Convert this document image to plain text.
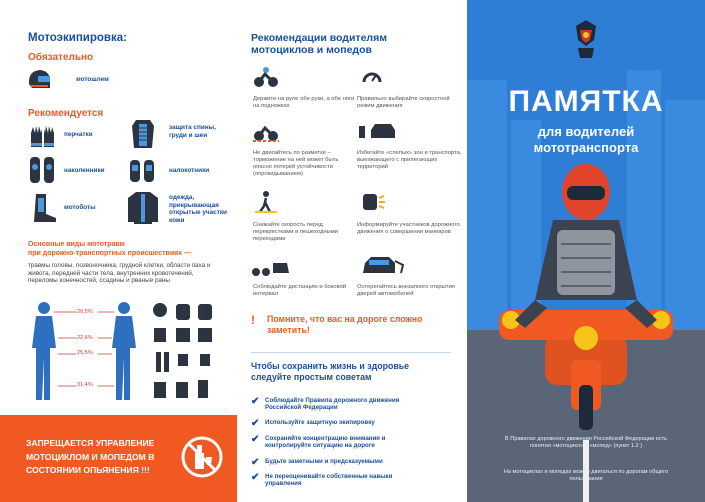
Мотоэкипировка:
Обязательно
мотошлем
Рекомендуется
перчатки
защита спины, груди и шеи
наколенники	налокотники
мотоботы
одежда, прикрывающая открытые участки кожи
Основные виды мототравм
при дорожно-транспортных происшествиях —
травмы головы, позвоночника, грудной клетки, области паха и живота, передней части тела, внутренних кровотечений, переломы конечностей, ссадины и рваные раны
20,5%
22,6%
25,5%
31,4%
ЗАПРЕЩАЕТСЯ УПРАВЛЕНИЕ МОТОЦИКЛОМ И МОПЕДОМ В СОСТОЯНИИ ОПЬЯНЕНИЯ !!!
Рекомендации водителям мотоциклов и мопедов
Держите на руле обе руки, а обе ноги на подножках
Правильно выбирайте скоростной режим движения
Не двигайтесь по разметке – торможение на ней может быть опасно потерей устойчивости (опрокидыванием)
Избегайте «слепых» зон и транспорта, выезжающего с прилегающих территорий
Снижайте скорость перед перекрестками и пешеходными переходами
Информируйте участников дорожного движения о совершении маневров
Соблюдайте дистанцию и боковой интервал
Остерегайтесь внезапного открытия дверей автомобилей
! Помните, что вас на дороге сложно заметить!
Чтобы сохранить жизнь и здоровье следуйте простым советам
✔ Соблюдайте Правила дорожного движения Российской Федерации
✔ Используйте защитную экипировку
✔ Сохраняйте концентрацию внимания и контролируйте ситуацию на дороге
✔ Будьте заметными и предсказуемыми
✔ Не переоценивайте собственные навыки управления
ПАМЯТКА
для водителей
мототранспорта
В Правилах дорожного движения Российской Федерации есть понятия «мотоцикл» и «мопед» (пункт 1.2 )
На мотоциклах и мопедах можно двигаться по дорогам общего пользования
